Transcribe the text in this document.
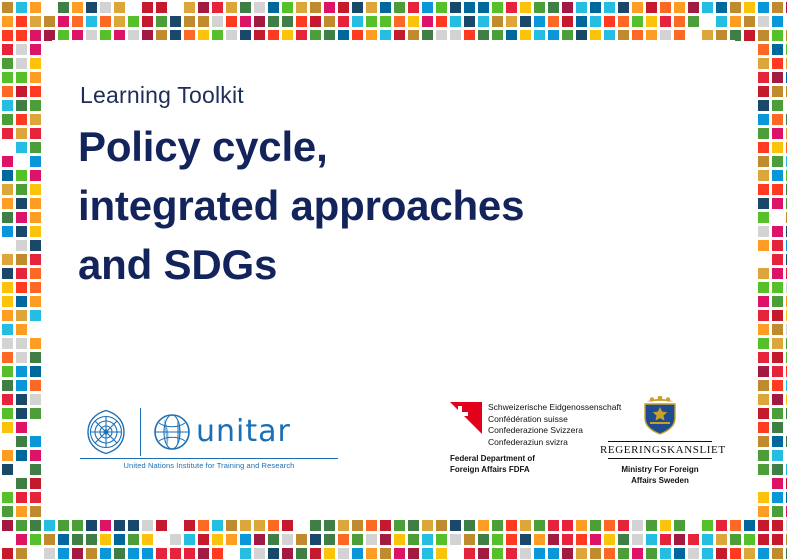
Learning Toolkit
Policy cycle,
integrated approaches
and SDGs
unitar
United Nations Institute for Training and Research
Schweizerische Eidgenossenschaft
Confédération suisse
Confederazione Svizzera
Confederaziun svizra
Federal Department of
Foreign Affairs FDFA
REGERINGSKANSLIET
Ministry For Foreign
Affairs Sweden
